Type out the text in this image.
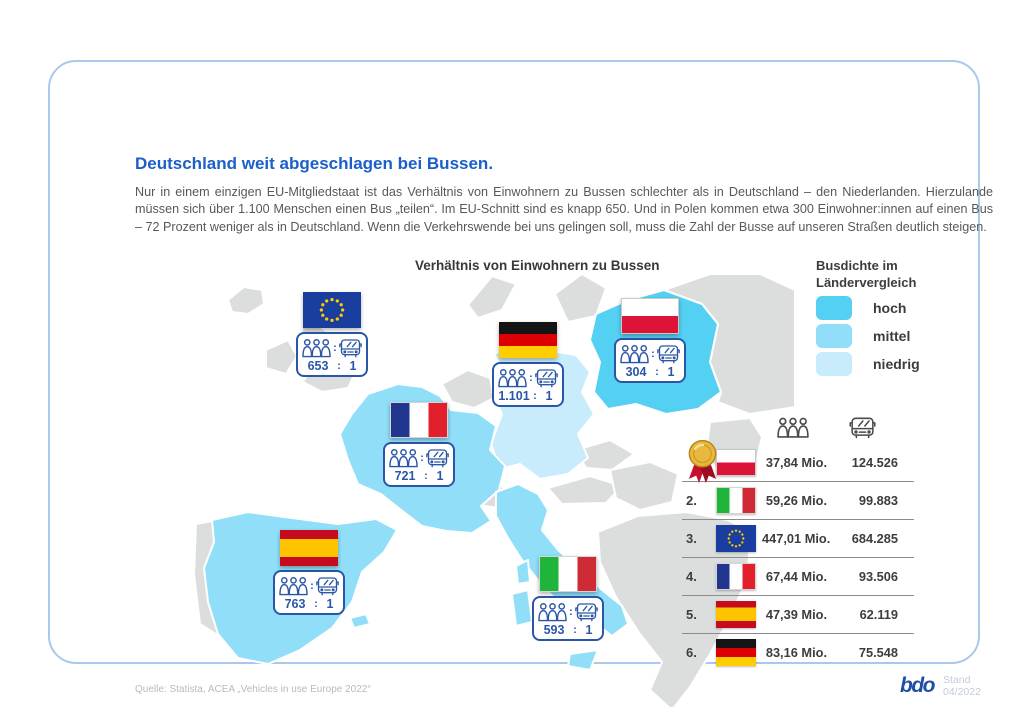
Deutschland weit abgeschlagen bei Bussen.
Nur in einem einzigen EU-Mitgliedstaat ist das Verhältnis von Einwohnern zu Bussen schlechter als in Deutschland – den Niederlanden. Hierzulande müssen sich über 1.100 Menschen einen Bus „teilen“. Im EU-Schnitt sind es knapp 650. Und in Polen kommen etwa 300 Einwohner:innen auf einen Bus – 72 Prozent weniger als in Deutschland. Wenn die Verkehrswende bei uns gelingen soll, muss die Zahl der Busse auf unseren Straßen deutlich steigen.
Verhältnis von Einwohnern zu Bussen	Busdichte im
Ländervergleich
hoch
mittel
niedrig
:
653 : 1
:
1.101 : 1
:
304 : 1
:
721 : 1
:
763 : 1
:
593 : 1
37,84 Mio.	124.526
2.	59,26 Mio.	99.883
3.	447,01 Mio.	684.285
4.	67,44 Mio.	93.506
5.	47,39 Mio.	62.119
6.	83,16 Mio.	75.548
Quelle: Statista, ACEA „Vehicles in use Europe 2022“	bdo Stand 04/2022
